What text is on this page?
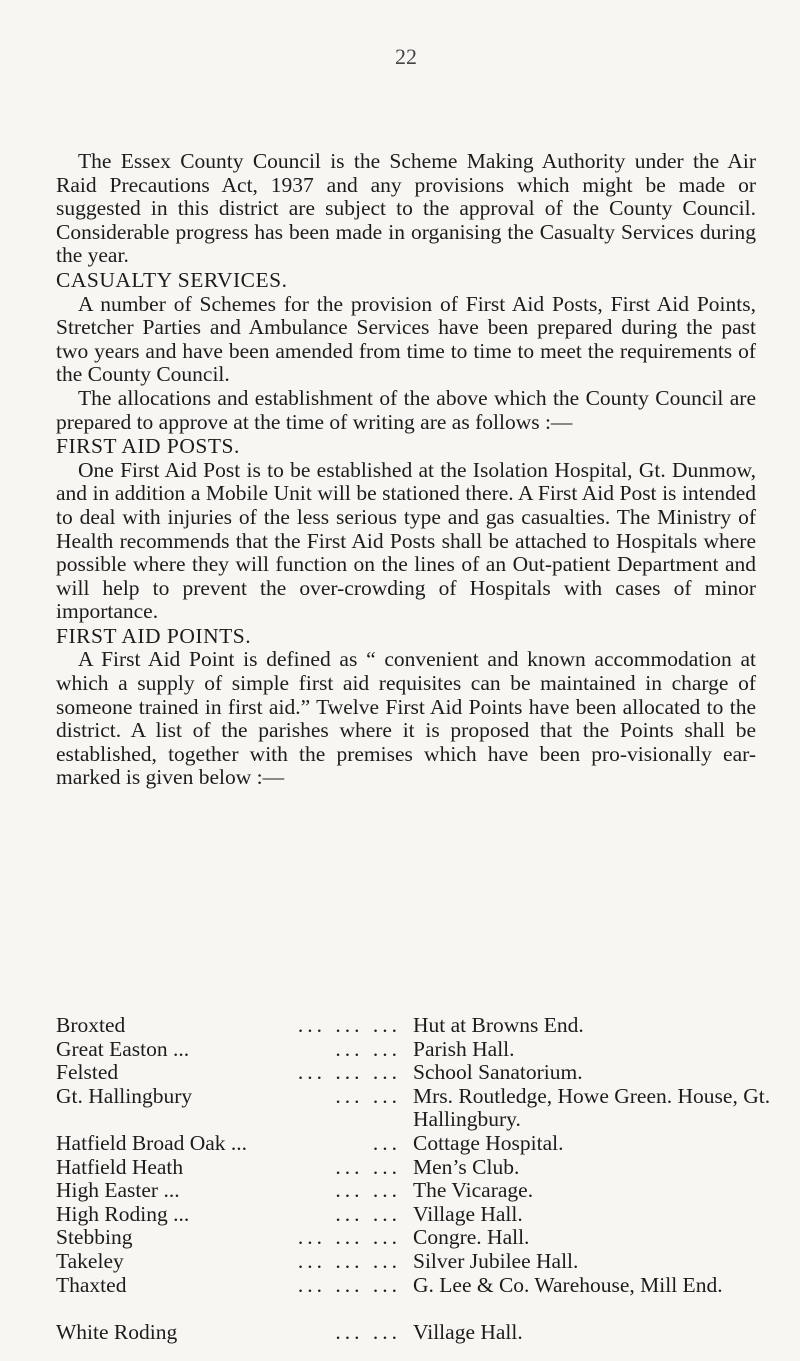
22

The Essex County Council is the Scheme Making Authority under the Air Raid Precautions Act, 1937 and any provisions which might be made or suggested in this district are subject to the approval of the County Council. Considerable progress has been made in organising the Casualty Services during the year.

CASUALTY SERVICES.

A number of Schemes for the provision of First Aid Posts, First Aid Points, Stretcher Parties and Ambulance Services have been prepared during the past two years and have been amended from time to time to meet the requirements of the County Council.

The allocations and establishment of the above which the County Council are prepared to approve at the time of writing are as follows :—

FIRST AID POSTS.

One First Aid Post is to be established at the Isolation Hospital, Gt. Dunmow, and in addition a Mobile Unit will be stationed there. A First Aid Post is intended to deal with injuries of the less serious type and gas casualties. The Ministry of Health recommends that the First Aid Posts shall be attached to Hospitals where possible where they will function on the lines of an Out-patient Department and will help to prevent the over-crowding of Hospitals with cases of minor importance.

FIRST AID POINTS.

A First Aid Point is defined as “ convenient and known accommodation at which a supply of simple first aid requisites can be maintained in charge of someone trained in first aid.” Twelve First Aid Points have been allocated to the district. A list of the parishes where it is proposed that the Points shall be established, together with the premises which have been pro-visionally ear-marked is given below :—

Broxted	... ... ... Hut at Browns End.
Great Easton ...	... ... Parish Hall.
Felsted	... ... ... School Sanatorium.
Gt. Hallingbury	... ... Mrs. Routledge, Howe Green. House, Gt. Hallingbury.
Hatfield Broad Oak ...	... Cottage Hospital.
Hatfield Heath	... ... Men’s Club.
High Easter ...	... ... The Vicarage.
High Roding ...	... ... Village Hall.
Stebbing	... ... ... Congre. Hall.
Takeley	... ... ... Silver Jubilee Hall.
Thaxted	... ... ... G. Lee & Co. Warehouse, Mill End.
White Roding	... ... Village Hall.
